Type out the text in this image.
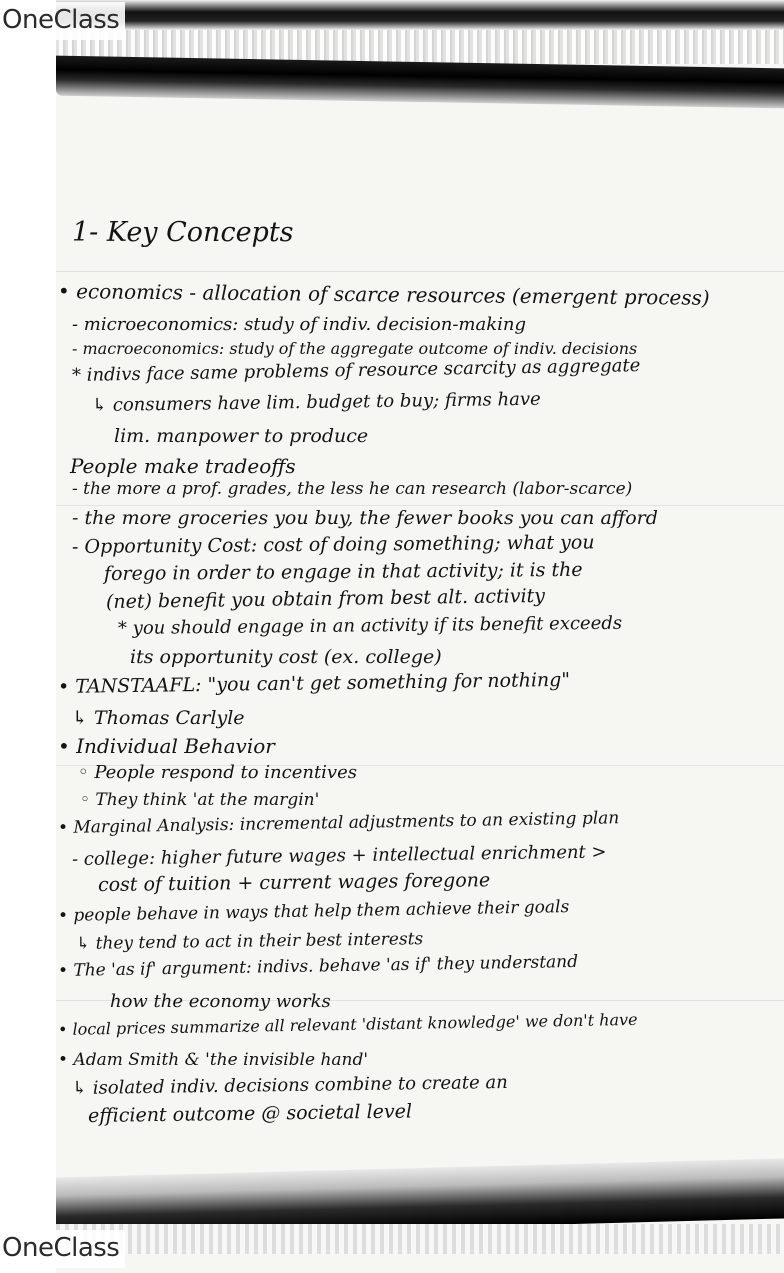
OneClass
OneClass
1- Key Concepts
• economics - allocation of scarce resources (emergent process)
- microeconomics: study of indiv. decision-making
- macroeconomics: study of the aggregate outcome of indiv. decisions
* indivs face same problems of resource scarcity as aggregate
↳ consumers have lim. budget to buy; firms have
lim. manpower to produce
People make tradeoffs
- the more a prof. grades, the less he can research (labor-scarce)
- the more groceries you buy, the fewer books you can afford
- Opportunity Cost: cost of doing something; what you
forego in order to engage in that activity; it is the
(net) benefit you obtain from best alt. activity
* you should engage in an activity if its benefit exceeds
its opportunity cost (ex. college)
• TANSTAAFL: "you can't get something for nothing"
↳ Thomas Carlyle
• Individual Behavior
◦ People respond to incentives
◦ They think 'at the margin'
• Marginal Analysis: incremental adjustments to an existing plan
- college: higher future wages + intellectual enrichment >
cost of tuition + current wages foregone
• people behave in ways that help them achieve their goals
↳ they tend to act in their best interests
• The 'as if' argument: indivs. behave 'as if' they understand
how the economy works
• local prices summarize all relevant 'distant knowledge' we don't have
• Adam Smith & 'the invisible hand'
↳ isolated indiv. decisions combine to create an
efficient outcome @ societal level
